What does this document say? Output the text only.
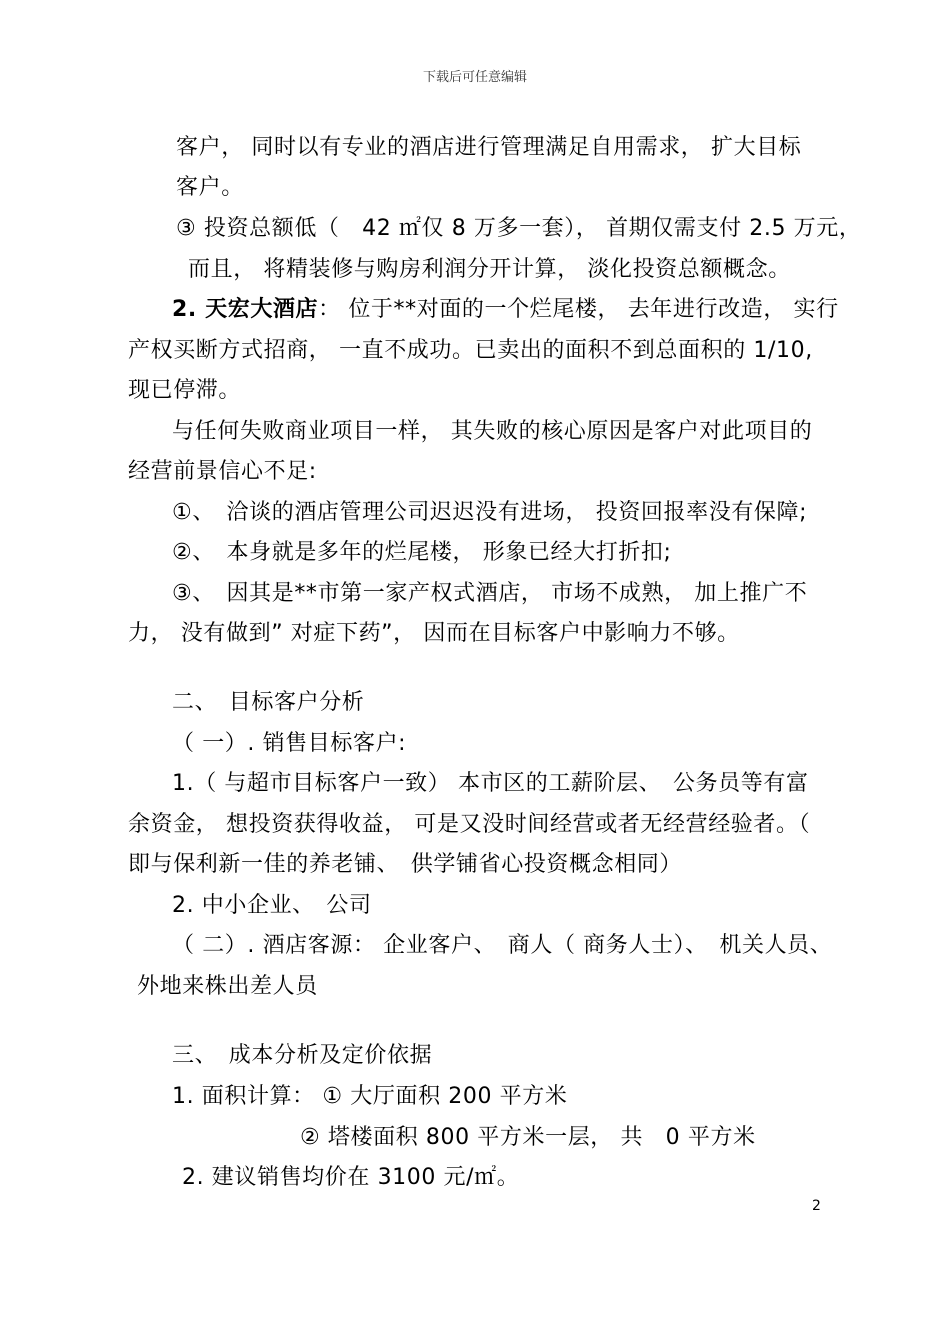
下载后可任意编辑
客户， 同时以有专业的酒店进行管理满足自用需求， 扩大目标
客户。
③ 投资总额低（　42 ㎡仅 8 万多一套）， 首期仅需支付 2.5 万元，
而且， 将精装修与购房利润分开计算， 淡化投资总额概念。
2. 天宏大酒店： 位于**对面的一个烂尾楼， 去年进行改造， 实行
产权买断方式招商， 一直不成功。已卖出的面积不到总面积的 1/10,
现已停滞。
与任何失败商业项目一样， 其失败的核心原因是客户对此项目的
经营前景信心不足:
①、　洽谈的酒店管理公司迟迟没有进场， 投资回报率没有保障;
②、　本身就是多年的烂尾楼， 形象已经大打折扣;
③、　因其是**市第一家产权式酒店， 市场不成熟， 加上推广不
力， 没有做到” 对症下药”， 因而在目标客户中影响力不够。
二、　目标客户分析
（ 一）. 销售目标客户:
1.（ 与超市目标客户一致） 本市区的工薪阶层、　公务员等有富
余资金， 想投资获得收益， 可是又没时间经营或者无经营经验者。（
即与保利新一佳的养老铺、　供学铺省心投资概念相同）
2. 中小企业、　公司
（ 二）. 酒店客源： 企业客户、　商人（ 商务人士）、　机关人员、
外地来株出差人员
三、　成本分析及定价依据
1. 面积计算： ① 大厅面积 200 平方米
② 塔楼面积 800 平方米一层， 共　0 平方米
2. 建议销售均价在 3100 元/㎡。
2
